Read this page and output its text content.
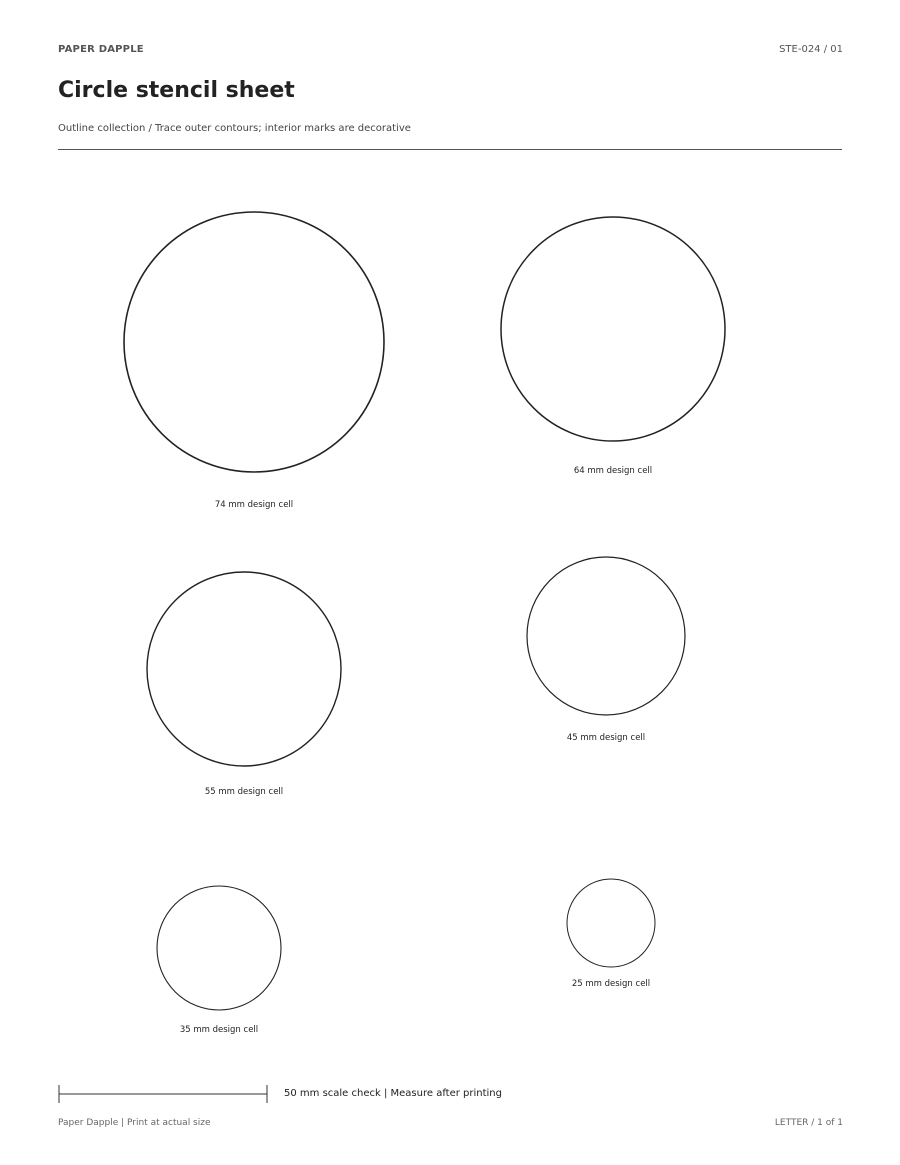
PAPER DAPPLE	STE-024 / 01
Circle stencil sheet
Outline collection / Trace outer contours; interior marks are decorative
74 mm design cell
64 mm design cell
55 mm design cell
45 mm design cell
35 mm design cell
25 mm design cell
50 mm scale check | Measure after printing
Paper Dapple | Print at actual size	LETTER / 1 of 1
